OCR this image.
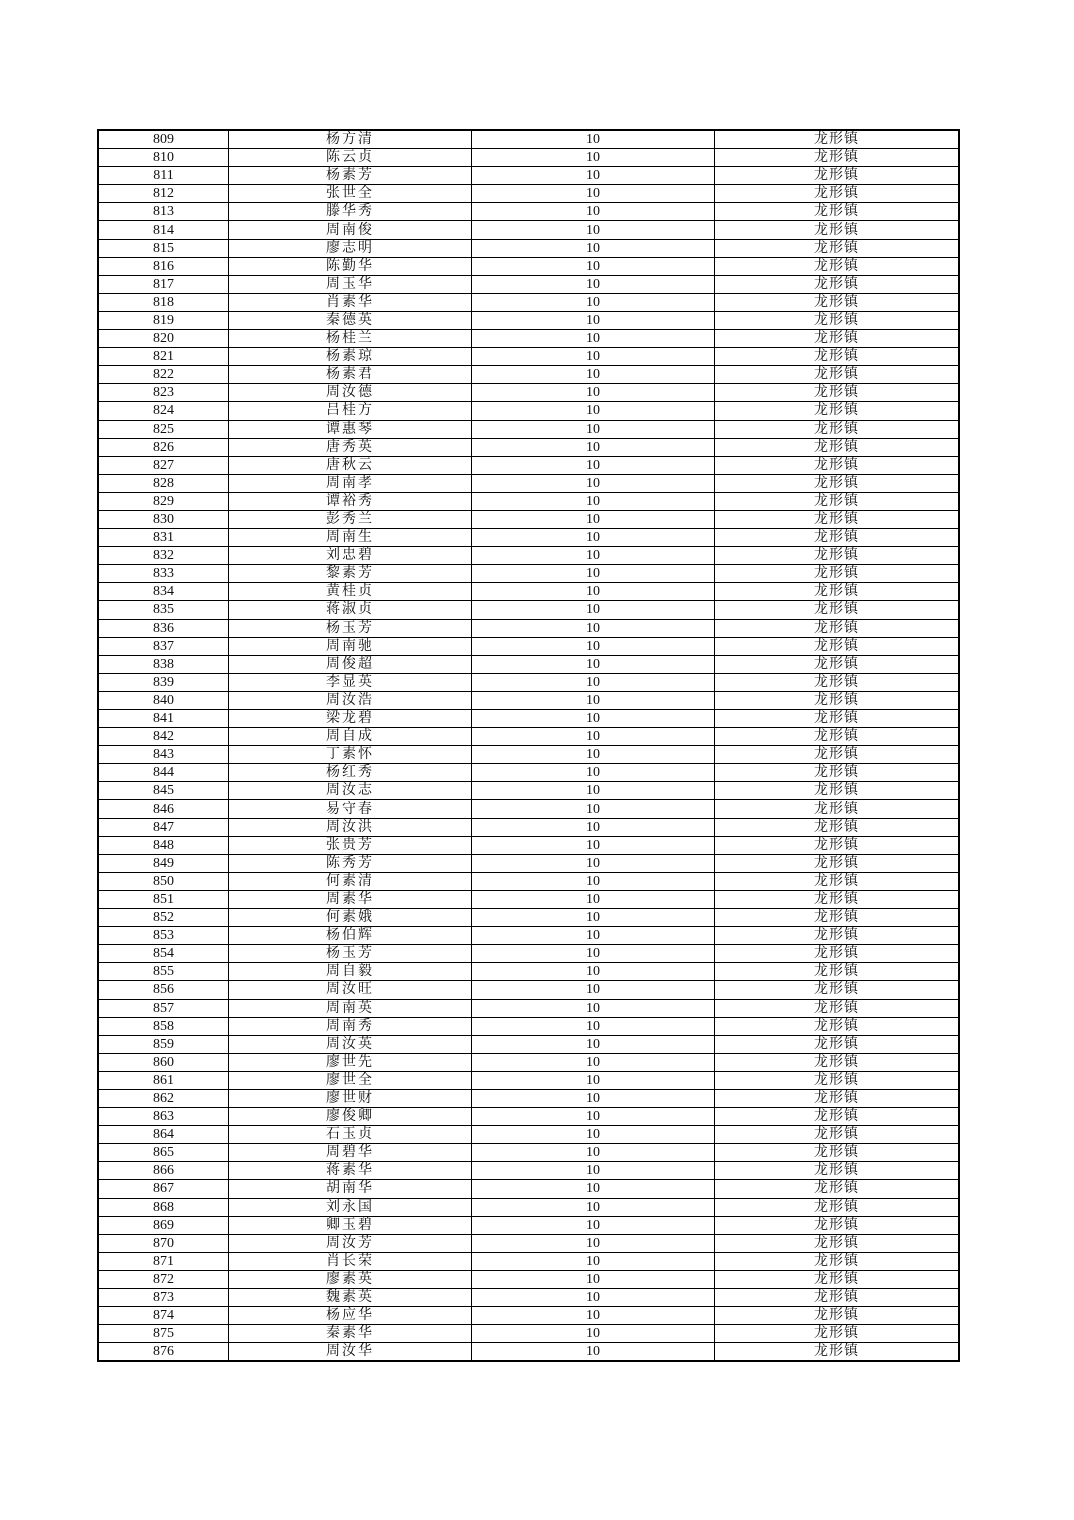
809	杨方清	10	龙形镇
810	陈云贞	10	龙形镇
811	杨素芳	10	龙形镇
812	张世全	10	龙形镇
813	滕华秀	10	龙形镇
814	周南俊	10	龙形镇
815	廖志明	10	龙形镇
816	陈勤华	10	龙形镇
817	周玉华	10	龙形镇
818	肖素华	10	龙形镇
819	秦德英	10	龙形镇
820	杨桂兰	10	龙形镇
821	杨素琼	10	龙形镇
822	杨素君	10	龙形镇
823	周汝德	10	龙形镇
824	吕桂方	10	龙形镇
825	谭惠琴	10	龙形镇
826	唐秀英	10	龙形镇
827	唐秋云	10	龙形镇
828	周南孝	10	龙形镇
829	谭裕秀	10	龙形镇
830	彭秀兰	10	龙形镇
831	周南生	10	龙形镇
832	刘忠碧	10	龙形镇
833	黎素芳	10	龙形镇
834	黄桂贞	10	龙形镇
835	蒋淑贞	10	龙形镇
836	杨玉芳	10	龙形镇
837	周南驰	10	龙形镇
838	周俊超	10	龙形镇
839	李显英	10	龙形镇
840	周汝浩	10	龙形镇
841	梁龙碧	10	龙形镇
842	周自成	10	龙形镇
843	丁素怀	10	龙形镇
844	杨红秀	10	龙形镇
845	周汝志	10	龙形镇
846	易守春	10	龙形镇
847	周汝洪	10	龙形镇
848	张贵芳	10	龙形镇
849	陈秀芳	10	龙形镇
850	何素清	10	龙形镇
851	周素华	10	龙形镇
852	何素娥	10	龙形镇
853	杨伯辉	10	龙形镇
854	杨玉芳	10	龙形镇
855	周自毅	10	龙形镇
856	周汝旺	10	龙形镇
857	周南英	10	龙形镇
858	周南秀	10	龙形镇
859	周汝英	10	龙形镇
860	廖世先	10	龙形镇
861	廖世全	10	龙形镇
862	廖世财	10	龙形镇
863	廖俊卿	10	龙形镇
864	石玉贞	10	龙形镇
865	周碧华	10	龙形镇
866	蒋素华	10	龙形镇
867	胡南华	10	龙形镇
868	刘永国	10	龙形镇
869	卿玉碧	10	龙形镇
870	周汝芳	10	龙形镇
871	肖长荣	10	龙形镇
872	廖素英	10	龙形镇
873	魏素英	10	龙形镇
874	杨应华	10	龙形镇
875	秦素华	10	龙形镇
876	周汝华	10	龙形镇
